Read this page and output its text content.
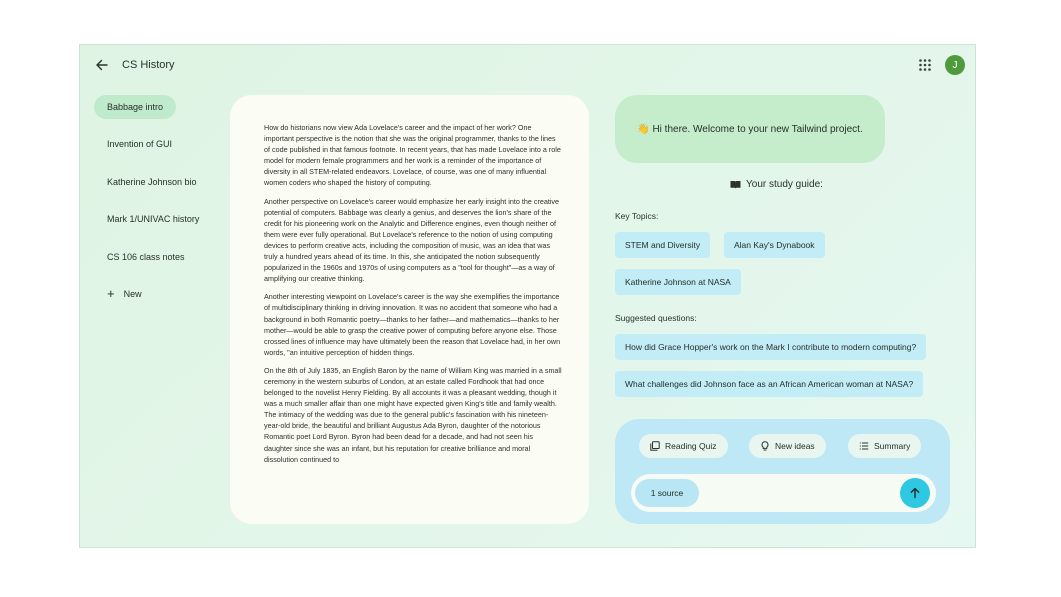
CS History	J
Babbage intro
Invention of GUI
Katherine Johnson bio
Mark 1/UNIVAC history
CS 106 class notes
+ New

How do historians now view Ada Lovelace's career and the impact of her work? One important perspective is the notion that she was the original programmer, thanks to the lines of code published in that famous footnote. In recent years, that has made Lovelace into a role model for modern female programmers and her work is a reminder of the importance of diversity in all STEM-related endeavors. Lovelace, of course, was one of many influential women coders who shaped the history of computing.

Another perspective on Lovelace's career would emphasize her early insight into the creative potential of computers. Babbage was clearly a genius, and deserves the lion's share of the credit for his pioneering work on the Analytic and Difference engines, even though neither of them were ever fully operational. But Lovelace's reference to the notion of using computing devices to perform creative acts, including the composition of music, was an idea that was truly a hundred years ahead of its time. In this, she anticipated the notion subsequently popularized in the 1960s and 1970s of using computers as a "tool for thought"—as a way of amplifying our creative thinking.

Another interesting viewpoint on Lovelace's career is the way she exemplifies the importance of multidisciplinary thinking in driving innovation. It was no accident that someone who had a background in both Romantic poetry—thanks to her father—and mathematics—thanks to her mother—would be able to grasp the creative power of computing before anyone else. Those crossed lines of influence may have ultimately been the reason that Lovelace had, in her own words, "an intuitive perception of hidden things.

On the 8th of July 1835, an English Baron by the name of William King was married in a small ceremony in the western suburbs of London, at an estate called Fordhook that had once belonged to the novelist Henry Fielding. By all accounts it was a pleasant wedding, though it was a much smaller affair than one might have expected given King's title and family wealth. The intimacy of the wedding was due to the general public's fascination with his nineteen-year-old bride, the beautiful and brilliant Augustus Ada Byron, daughter of the notorious Romantic poet Lord Byron. Byron had been dead for a decade, and had not seen his daughter since she was an infant, but his reputation for creative brilliance and moral dissolution continued to

👋 Hi there. Welcome to your new Tailwind project.
Your study guide:
Key Topics:
STEM and Diversity	Alan Kay's Dynabook
Katherine Johnson at NASA
Suggested questions:
How did Grace Hopper's work on the Mark I contribute to modern computing?
What challenges did Johnson face as an African American woman at NASA?
Reading Quiz	New ideas	Summary
1 source
